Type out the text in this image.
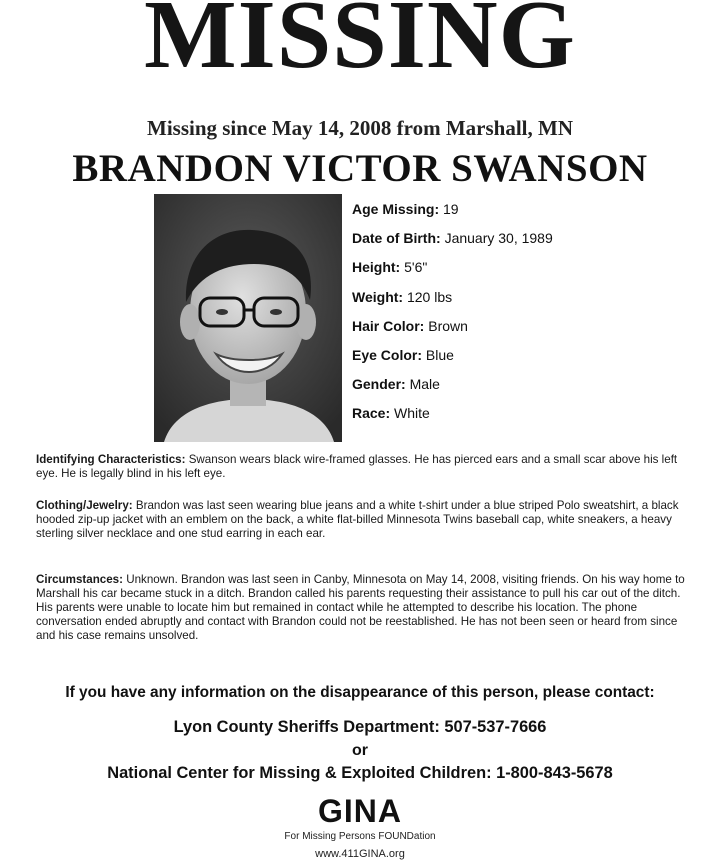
MISSING
Missing since May 14, 2008 from Marshall, MN
BRANDON VICTOR SWANSON
Age Missing: 19
Date of Birth: January 30, 1989
Height: 5'6"
Weight: 120 lbs
Hair Color: Brown
Eye Color: Blue
Gender: Male
Race: White
Identifying Characteristics: Swanson wears black wire-framed glasses. He has pierced ears and a small scar above his left eye. He is legally blind in his left eye.
Clothing/Jewelry: Brandon was last seen wearing blue jeans and a white t-shirt under a blue striped Polo sweatshirt, a black hooded zip-up jacket with an emblem on the back, a white flat-billed Minnesota Twins baseball cap, white sneakers, a heavy sterling silver necklace and one stud earring in each ear.
Circumstances: Unknown. Brandon was last seen in Canby, Minnesota on May 14, 2008, visiting friends. On his way home to Marshall his car became stuck in a ditch. Brandon called his parents requesting their assistance to pull his car out of the ditch. His parents were unable to locate him but remained in contact while he attempted to describe his location. The phone conversation ended abruptly and contact with Brandon could not be reestablished. He has not been seen or heard from since and his case remains unsolved.
If you have any information on the disappearance of this person, please contact:
Lyon County Sheriffs Department: 507-537-7666
or
National Center for Missing & Exploited Children: 1-800-843-5678
GINA
For Missing Persons FOUNDation
www.411GINA.org
